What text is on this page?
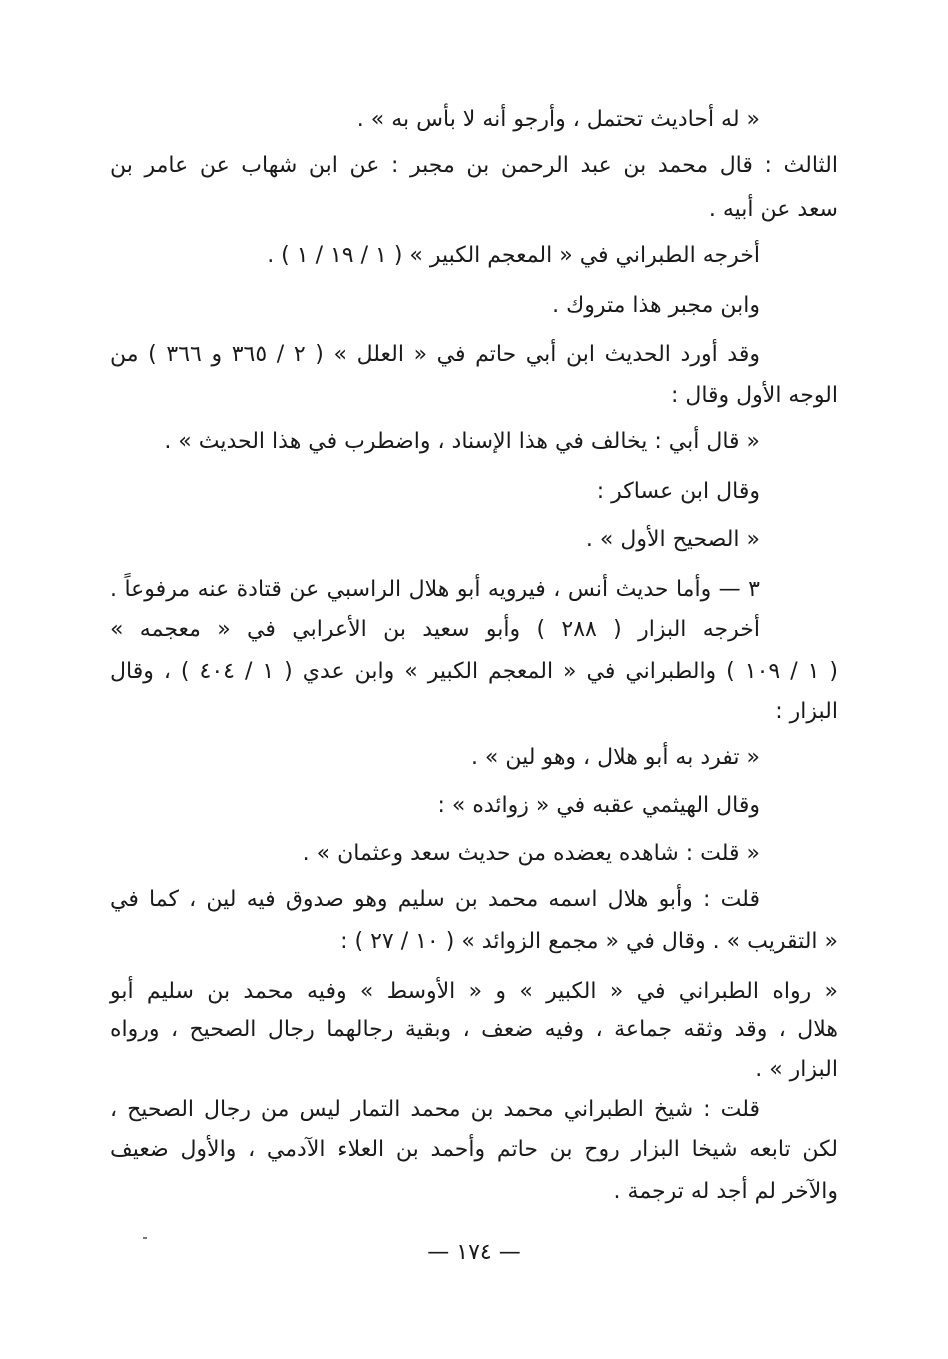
« له أحاديث تحتمل ، وأرجو أنه لا بأس به » .
الثالث : قال محمد بن عبد الرحمن بن مجبر : عن ابن شهاب عن عامر بن
سعد عن أبيه .
أخرجه الطبراني في « المعجم الكبير » ( ١ / ١٩ / ١ ) .
وابن مجبر هذا متروك .
وقد أورد الحديث ابن أبي حاتم في « العلل » ( ٢ / ٣٦٥ و ٣٦٦ ) من
الوجه الأول وقال :
« قال أبي : يخالف في هذا الإسناد ، واضطرب في هذا الحديث » .
وقال ابن عساكر :
« الصحيح الأول » .
٣ — وأما حديث أنس ، فيرويه أبو هلال الراسبي عن قتادة عنه مرفوعاً .
أخرجه البزار ( ٢٨٨ ) وأبو سعيد بن الأعرابي في « معجمه »
( ١ / ١٠٩ ) والطبراني في « المعجم الكبير » وابن عدي ( ١ / ٤٠٤ ) ، وقال
البزار :
« تفرد به أبو هلال ، وهو لين » .
وقال الهيثمي عقبه في « زوائده » :
« قلت : شاهده يعضده من حديث سعد وعثمان » .
قلت : وأبو هلال اسمه محمد بن سليم وهو صدوق فيه لين ، كما في
« التقريب » . وقال في « مجمع الزوائد » ( ١٠ / ٢٧ ) :
« رواه الطبراني في « الكبير » و « الأوسط » وفيه محمد بن سليم أبو
هلال ، وقد وثقه جماعة ، وفيه ضعف ، وبقية رجالهما رجال الصحيح ، ورواه
البزار » .
قلت : شيخ الطبراني محمد بن محمد التمار ليس من رجال الصحيح ،
لكن تابعه شيخا البزار روح بن حاتم وأحمد بن العلاء الآدمي ، والأول ضعيف
والآخر لم أجد له ترجمة .
— ١٧٤ —
